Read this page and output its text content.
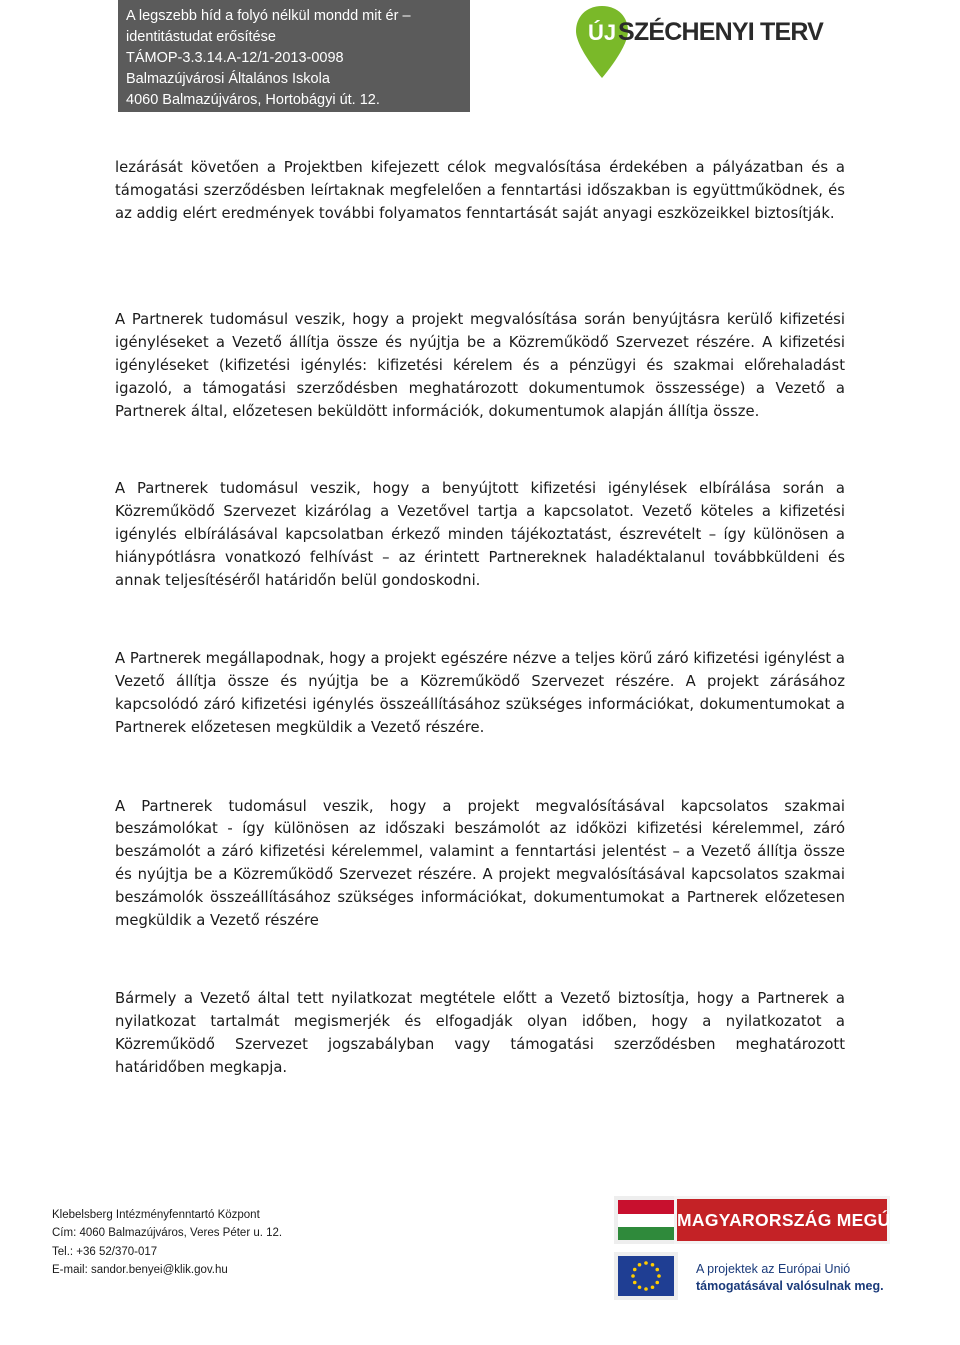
A legszebb híd a folyó nélkül mondd mit ér –
identitástudat erősítése
TÁMOP-3.3.14.A-12/1-2013-0098
Balmazújvárosi Általános Iskola
4060 Balmazújváros, Hortobágyi út. 12.
ÚJ SZÉCHENYI TERV

lezárását követően a Projektben kifejezett célok megvalósítása érdekében a pályázatban és a támogatási szerződésben leírtaknak megfelelően a fenntartási időszakban is együttműködnek, és az addig elért eredmények további folyamatos fenntartását saját anyagi eszközeikkel biztosítják.

A Partnerek tudomásul veszik, hogy a projekt megvalósítása során benyújtásra kerülő kifizetési igényléseket a Vezető állítja össze és nyújtja be a Közreműködő Szervezet részére. A kifizetési igényléseket (kifizetési igénylés: kifizetési kérelem és a pénzügyi és szakmai előrehaladást igazoló, a támogatási szerződésben meghatározott dokumentumok összessége) a Vezető a Partnerek által, előzetesen beküldött információk, dokumentumok alapján állítja össze.

A Partnerek tudomásul veszik, hogy a benyújtott kifizetési igénylések elbírálása során a Közreműködő Szervezet kizárólag a Vezetővel tartja a kapcsolatot. Vezető köteles a kifizetési igénylés elbírálásával kapcsolatban érkező minden tájékoztatást, észrevételt – így különösen a hiánypótlásra vonatkozó felhívást – az érintett Partnereknek haladéktalanul továbbküldeni és annak teljesítéséről határidőn belül gondoskodni.

A Partnerek megállapodnak, hogy a projekt egészére nézve a teljes körű záró kifizetési igénylést a Vezető állítja össze és nyújtja be a Közreműködő Szervezet részére. A projekt zárásához kapcsolódó záró kifizetési igénylés összeállításához szükséges információkat, dokumentumokat a Partnerek előzetesen megküldik a Vezető részére.

A Partnerek tudomásul veszik, hogy a projekt megvalósításával kapcsolatos szakmai beszámolókat - így különösen az időszaki beszámolót az időközi kifizetési kérelemmel, záró beszámolót a záró kifizetési kérelemmel, valamint a fenntartási jelentést – a Vezető állítja össze és nyújtja be a Közreműködő Szervezet részére. A projekt megvalósításával kapcsolatos szakmai beszámolók összeállításához szükséges információkat, dokumentumokat a Partnerek előzetesen megküldik a Vezető részére

Bármely a Vezető által tett nyilatkozat megtétele előtt a Vezető biztosítja, hogy a Partnerek a nyilatkozat tartalmát megismerjék és elfogadják olyan időben, hogy a nyilatkozatot a Közreműködő Szervezet jogszabályban vagy támogatási szerződésben meghatározott határidőben megkapja.

Klebelsberg Intézményfenntartó Központ
Cím: 4060 Balmazújváros, Veres Péter u. 12.
Tel.: +36 52/370-017
E-mail: sandor.benyei@klik.gov.hu
MAGYARORSZÁG MEGÚJUL
A projektek az Európai Unió
támogatásával valósulnak meg.
